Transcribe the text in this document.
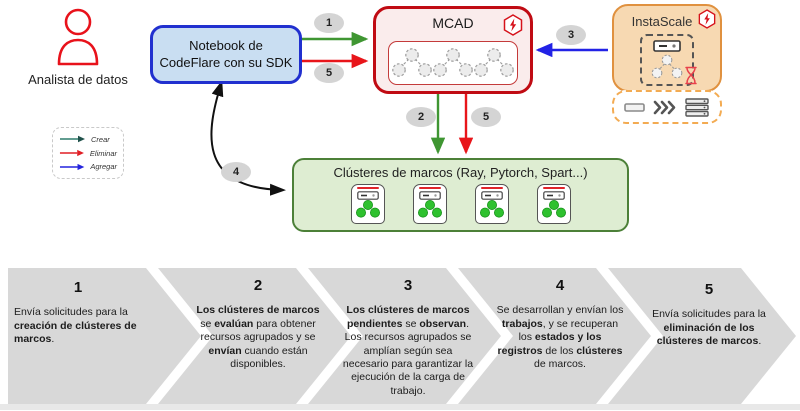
Analista de datos
Notebook de
CodeFlare con su SDK
MCAD	InstaScale
Clústeres de marcos (Ray, Pytorch, Spart...)
Crear
Eliminar
Agregar
1
5
3
2	5
4
1
Envía solicitudes para la creación de clústeres de marcos.
2
Los clústeres de marcos se evalúan para obtener recursos agrupados y se envían cuando están disponibles.
3
Los clústeres de marcos pendientes se observan. Los recursos agrupados se amplían según sea necesario para garantizar la ejecución de la carga de trabajo.
4
Se desarrollan y envían los trabajos, y se recuperan los estados y los registros de los clústeres de marcos.
5
Envía solicitudes para la eliminación de los clústeres de marcos.
